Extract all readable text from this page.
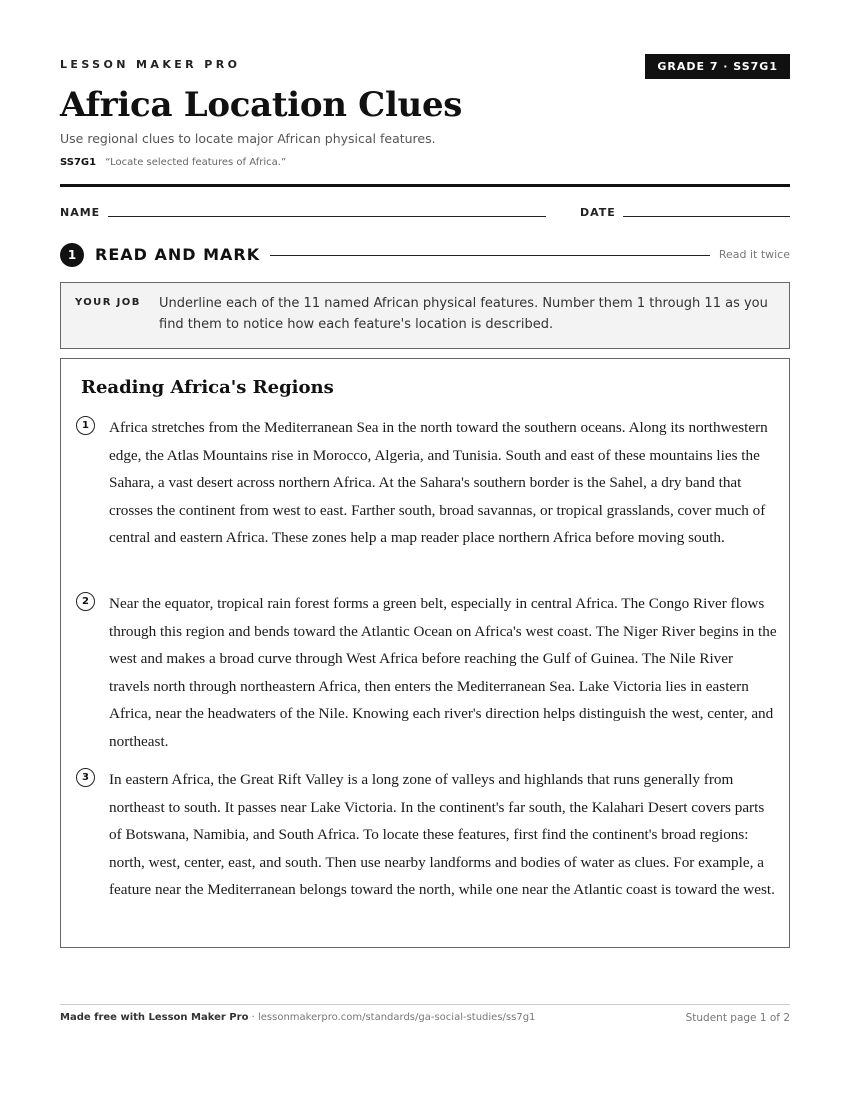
LESSON MAKER PRO	GRADE 7 · SS7G1
Africa Location Clues
Use regional clues to locate major African physical features.
SS7G1 “Locate selected features of Africa.”
NAME	DATE
1	READ AND MARK	Read it twice
YOUR JOB Underline each of the 11 named African physical features. Number them 1 through 11 as you find them to notice how each feature's location is described.
Reading Africa's Regions
1	Africa stretches from the Mediterranean Sea in the north toward the southern oceans. Along its northwestern edge, the Atlas Mountains rise in Morocco, Algeria, and Tunisia. South and east of these mountains lies the Sahara, a vast desert across northern Africa. At the Sahara's southern border is the Sahel, a dry band that crosses the continent from west to east. Farther south, broad savannas, or tropical grasslands, cover much of central and eastern Africa. These zones help a map reader place northern Africa before moving south.

2	Near the equator, tropical rain forest forms a green belt, especially in central Africa. The Congo River flows through this region and bends toward the Atlantic Ocean on Africa's west coast. The Niger River begins in the west and makes a broad curve through West Africa before reaching the Gulf of Guinea. The Nile River travels north through northeastern Africa, then enters the Mediterranean Sea. Lake Victoria lies in eastern Africa, near the headwaters of the Nile. Knowing each river's direction helps distinguish the west, center, and northeast.

3	In eastern Africa, the Great Rift Valley is a long zone of valleys and highlands that runs generally from northeast to south. It passes near Lake Victoria. In the continent's far south, the Kalahari Desert covers parts of Botswana, Namibia, and South Africa. To locate these features, first find the continent's broad regions: north, west, center, east, and south. Then use nearby landforms and bodies of water as clues. For example, a feature near the Mediterranean belongs toward the north, while one near the Atlantic coast is toward the west.

Made free with Lesson Maker Pro · lessonmakerpro.com/standards/ga-social-studies/ss7g1	Student page 1 of 2
